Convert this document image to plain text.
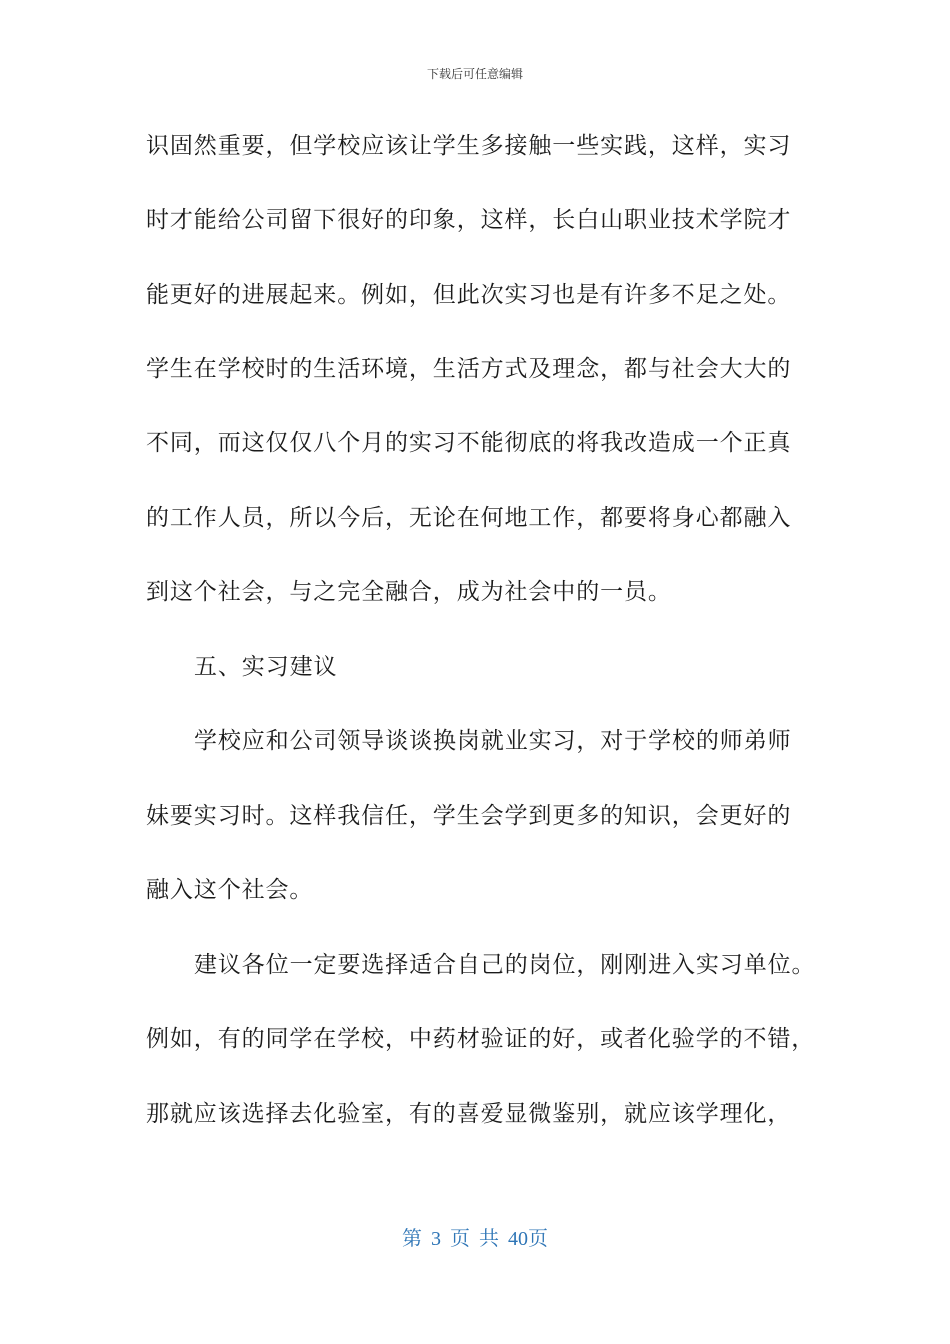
下载后可任意编辑
识固然重要，但学校应该让学生多接触一些实践，这样，实习
时才能给公司留下很好的印象，这样，长白山职业技术学院才
能更好的进展起来。例如，但此次实习也是有许多不足之处。
学生在学校时的生活环境，生活方式及理念，都与社会大大的
不同，而这仅仅八个月的实习不能彻底的将我改造成一个正真
的工作人员，所以今后，无论在何地工作，都要将身心都融入
到这个社会，与之完全融合，成为社会中的一员。
五、实习建议
学校应和公司领导谈谈换岗就业实习，对于学校的师弟师
妹要实习时。这样我信任，学生会学到更多的知识，会更好的
融入这个社会。
建议各位一定要选择适合自己的岗位，刚刚进入实习单位。
例如，有的同学在学校，中药材验证的好，或者化验学的不错，
那就应该选择去化验室，有的喜爱显微鉴别，就应该学理化，
第 3 页 共 40页
